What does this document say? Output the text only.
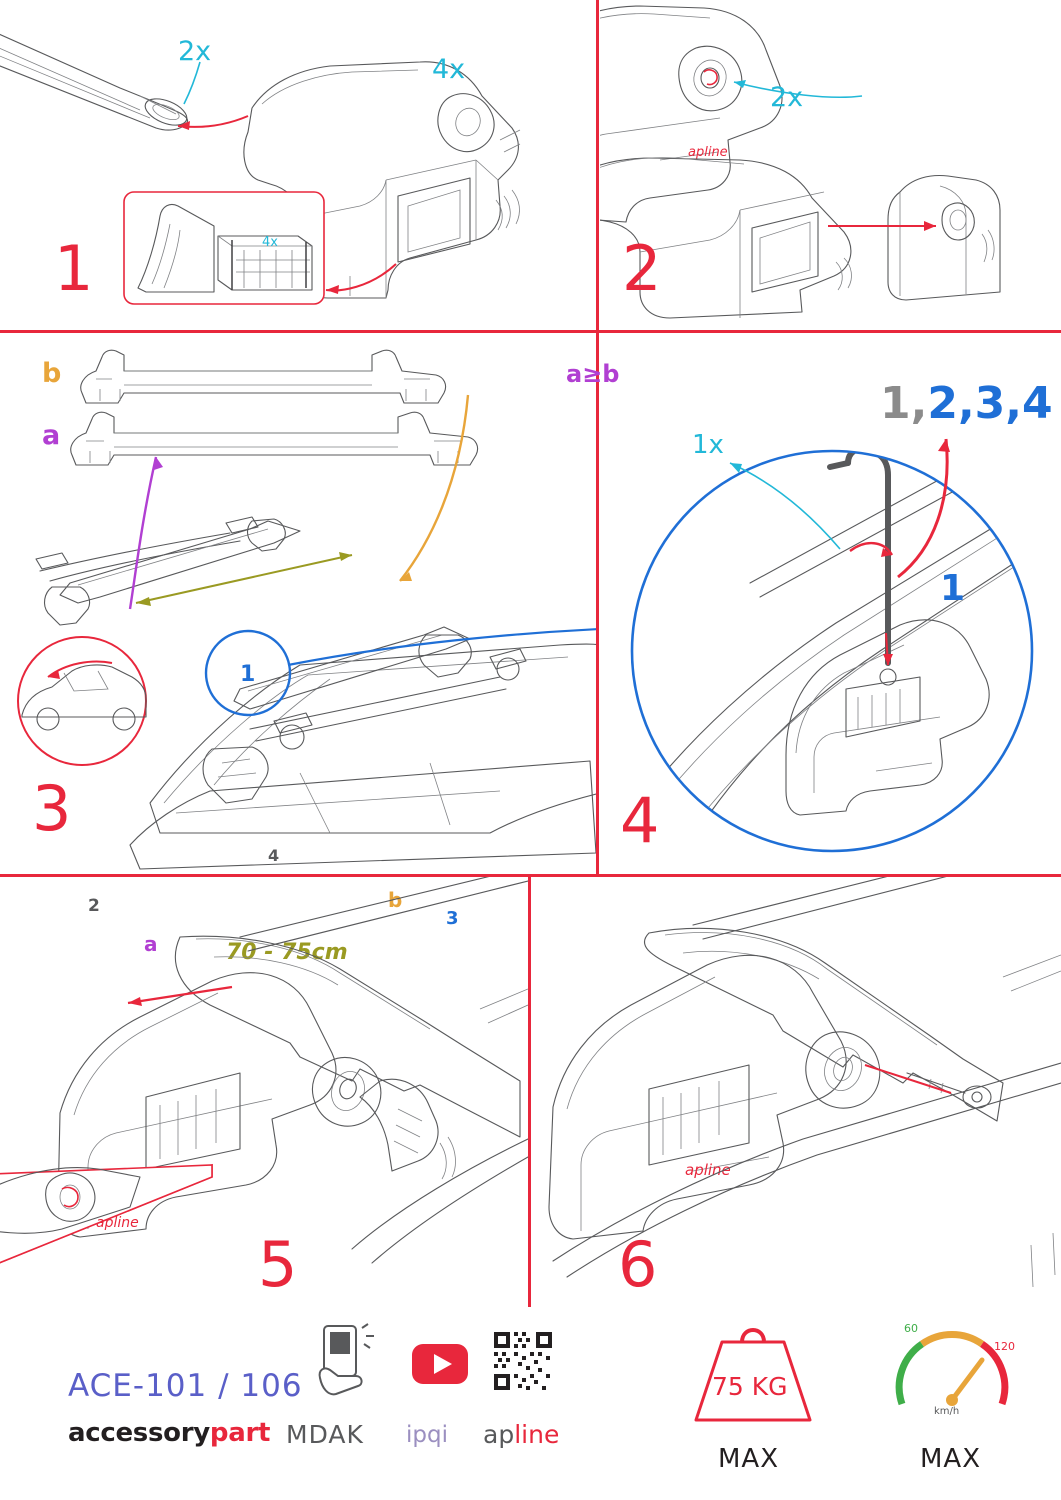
4x
2x
4x
1
apline
2x
2
b
a
a
b
70 - 75cm
1
2
3
4
3
a≥b
1x
1
1,2,3,4
4
apline
5
apline
6
ACE-101 / 106
accessorypart MDAK ipqi apline
75 KG
MAX
60
120
km/h
MAX
